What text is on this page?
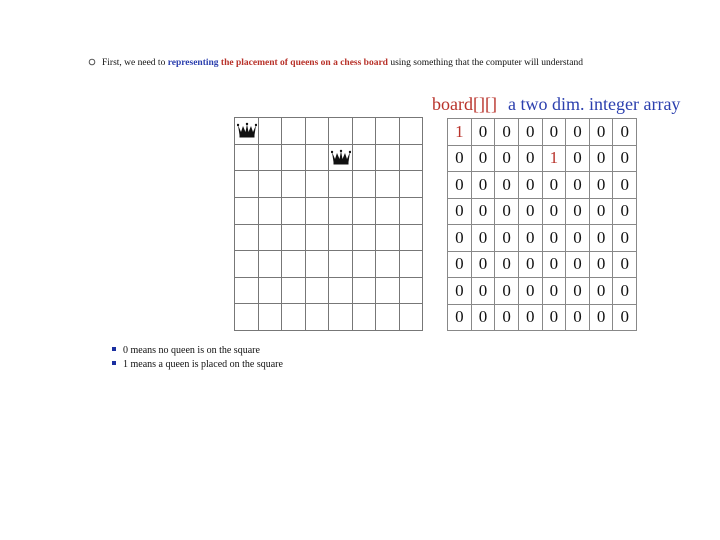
First, we need to representing the placement of queens on a chess board using something that the computer will understand
board[][] a two dim. integer array
1 0 0 0 0 0 0 0
0 0 0 0 1 0 0 0
0 0 0 0 0 0 0 0
0 0 0 0 0 0 0 0
0 0 0 0 0 0 0 0
0 0 0 0 0 0 0 0
0 0 0 0 0 0 0 0
0 0 0 0 0 0 0 0
0 means no queen is on the square
1 means a queen is placed on the square
